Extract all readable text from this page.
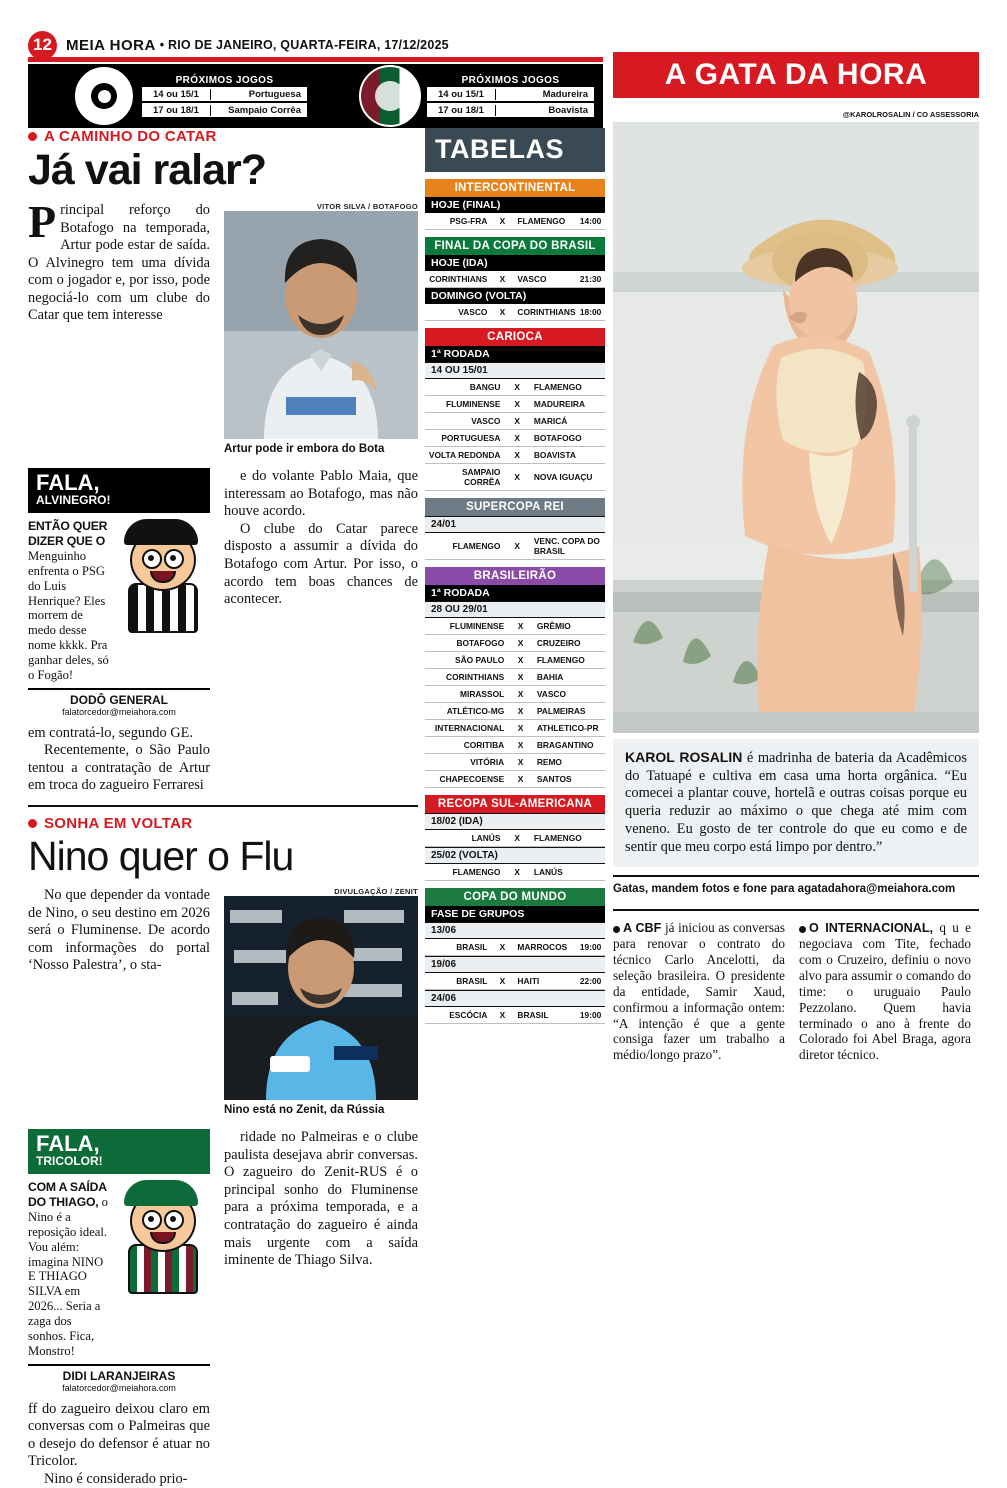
12 MEIA HORA • RIO DE JANEIRO, QUARTA-FEIRA, 17/12/2025
PRÓXIMOS JOGOS
14 ou 15/1	Portuguesa
17 ou 18/1	Sampaio Corrêa
PRÓXIMOS JOGOS
14 ou 15/1	Madureira
17 ou 18/1	Boavista
A GATA DA HORA
A CAMINHO DO CATAR
Já vai ralar?
P rincipal reforço do Botafogo na temporada, Artur pode estar de saída. O Alvinegro tem uma dívida com o jogador e, por isso, pode negociá-lo com um clube do Catar que tem interesse
VITOR SILVA / BOTAFOGO
Artur pode ir embora do Bota
FALA,
ALVINEGRO!
ENTÃO QUER DIZER QUE O Menguinho enfrenta o PSG do Luis Henrique? Eles morrem de medo desse nome kkkk. Pra ganhar deles, só o Fogão!
DODÔ GENERAL
falatorcedor@meiahora.com

e do volante Pablo Maia, que interessam ao Botafogo, mas não houve acordo.

O clube do Catar parece disposto a assumir a dívida do Botafogo com Artur. Por isso, o acordo tem boas chances de acontecer.

em contratá-lo, segundo GE.

Recentemente, o São Paulo tentou a contratação de Artur em troca do zagueiro Ferraresi

SONHA EM VOLTAR
Nino quer o Flu

No que depender da vontade de Nino, o seu destino em 2026 será o Fluminense. De acordo com informações do portal ‘Nosso Palestra’, o sta-

DIVULGAÇÃO / ZENIT
Nino está no Zenit, da Rússia
FALA,
TRICOLOR!
COM A SAÍDA DO THIAGO, o Nino é a reposição ideal. Vou além: imagina NINO E THIAGO SILVA em 2026... Seria a zaga dos sonhos. Fica, Monstro!
DIDI LARANJEIRAS
falatorcedor@meiahora.com

ridade no Palmeiras e o clube paulista desejava abrir conversas. O zagueiro do Zenit-RUS é o principal sonho do Fluminense para a próxima temporada, e a contratação do zagueiro é ainda mais urgente com a saída iminente de Thiago Silva.

ff do zagueiro deixou claro em conversas com o Palmeiras que o desejo do defensor é atuar no Tricolor.

Nino é considerado prio-

TABELAS
INTERCONTINENTAL
HOJE (FINAL)
PSG-FRA	X	FLAMENGO	14:00
FINAL DA COPA DO BRASIL
HOJE (IDA)
CORINTHIANS	X	VASCO	21:30
DOMINGO (VOLTA)
VASCO	X	CORINTHIANS	18:00
CARIOCA
1ª RODADA
14 OU 15/01
BANGU	X	FLAMENGO
FLUMINENSE	X	MADUREIRA
VASCO	X	MARICÁ
PORTUGUESA	X	BOTAFOGO
VOLTA REDONDA	X	BOAVISTA
SAMPAIO CORRÊA	X	NOVA IGUAÇU
SUPERCOPA REI
24/01
FLAMENGO	X	VENC. COPA DO BRASIL
BRASILEIRÃO
1ª RODADA
28 OU 29/01
FLUMINENSE	X	GRÊMIO
BOTAFOGO	X	CRUZEIRO
SÃO PAULO	X	FLAMENGO
CORINTHIANS	X	BAHIA
MIRASSOL	X	VASCO
ATLÉTICO-MG	X	PALMEIRAS
INTERNACIONAL	X	ATHLETICO-PR
CORITIBA	X	BRAGANTINO
VITÓRIA	X	REMO
CHAPECOENSE	X	SANTOS
RECOPA SUL-AMERICANA
18/02 (IDA)
LANÚS	X	FLAMENGO
25/02 (VOLTA)
FLAMENGO	X	LANÚS
COPA DO MUNDO
FASE DE GRUPOS
13/06
BRASIL	X	MARROCOS	19:00
19/06
BRASIL	X	HAITI	22:00
24/06
ESCÓCIA	X	BRASIL	19:00
@KAROLROSALIN / CO ASSESSORIA

KAROL ROSALIN é madrinha de bateria da Acadêmicos do Tatuapé e cultiva em casa uma horta orgânica. “Eu comecei a plantar couve, hortelã e outras coisas porque eu queria reduzir ao máximo o que chega até mim com veneno. Eu gosto de ter controle do que eu como e de sentir que meu corpo está limpo por dentro.”

Gatas, mandem fotos e fone para agatadahora@meiahora.com
A CBF já iniciou as conversas para renovar o contrato do técnico Carlo Ancelotti, da seleção brasileira. O presidente da entidade, Samir Xaud, confirmou a informação ontem: “A intenção é que a gente consiga fazer um trabalho a médio/longo prazo”.
O INTERNACIONAL, q u e negociava com Tite, fechado com o Cruzeiro, definiu o novo alvo para assumir o comando do time: o uruguaio Paulo Pezzolano. Quem havia terminado o ano à frente do Colorado foi Abel Braga, agora diretor técnico.
